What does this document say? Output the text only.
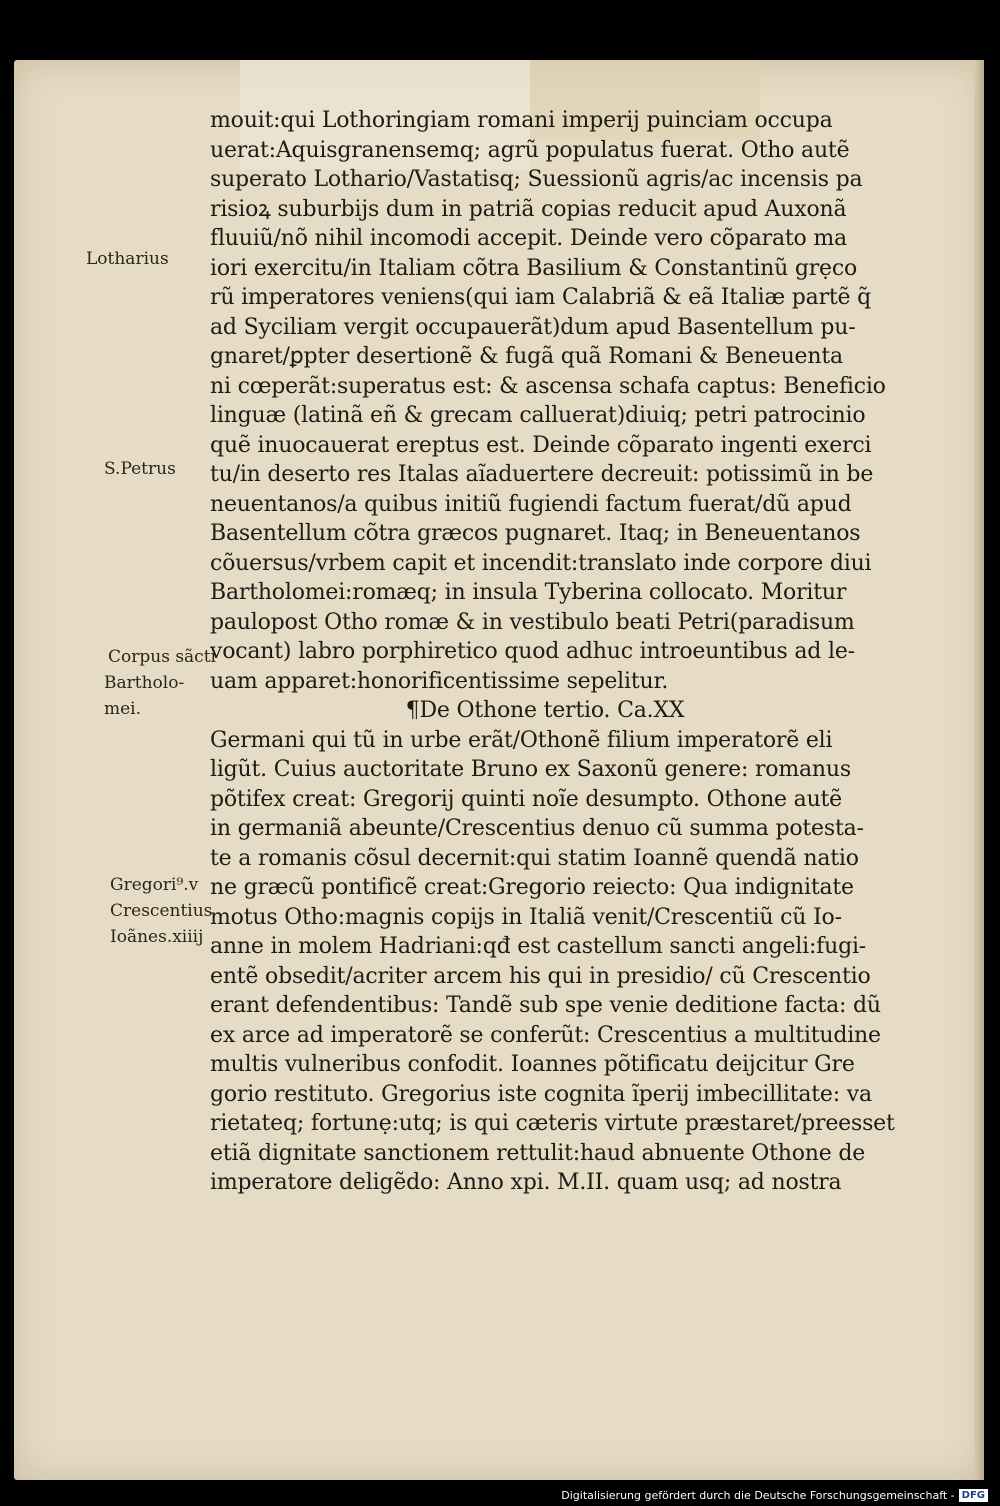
mouit:qui Lothoringiam romani imperij puinciam occupa
uerat:Aquisgranensemq; agrũ populatus fuerat. Otho autẽ
superato Lothario/Vastatisq; Suessionũ agris/ac incensis pa
risioꝝ suburbijs dum in patriã copias reducit apud Auxonã
fluuiũ/nõ nihil incomodi accepit. Deinde vero cõparato ma
iori exercitu/in Italiam cõtra Basilium & Constantinũ grẹco
rũ imperatores veniens(qui iam Calabriã & eã Italiæ partẽ q̃
ad Syciliam vergit occupauerãt)dum apud Basentellum pu-
gnaret/ꝑpter desertionẽ & fugã quã Romani & Beneuenta
ni cœperãt:superatus est: & ascensa schafa captus: Beneficio
linguæ (latinã eñ & grecam calluerat)diuiq; petri patrocinio
quẽ inuocauerat ereptus est. Deinde cõparato ingenti exerci
tu/in deserto res Italas aĩaduertere decreuit: potissimũ in be
neuentanos/a quibus initiũ fugiendi factum fuerat/dũ apud
Basentellum cõtra græcos pugnaret. Itaq; in Beneuentanos
cõuersus/vrbem capit et incendit:translato inde corpore diui
Bartholomei:romæq; in insula Tyberina collocato. Moritur
paulopost Otho romæ & in vestibulo beati Petri(paradisum
vocant) labro porphiretico quod adhuc introeuntibus ad le-
uam apparet:honorificentissime sepelitur.
¶De Othone tertio. Ca.XX
Germani qui tũ in urbe erãt/Othonẽ filium imperatorẽ eli
ligũt. Cuius auctoritate Bruno ex Saxonũ genere: romanus
põtifex creat: Gregorij quinti noĩe desumpto. Othone autẽ
in germaniã abeunte/Crescentius denuo cũ summa potesta-
te a romanis cõsul decernit:qui statim Ioannẽ quendã natio
ne græcũ pontificẽ creat:Gregorio reiecto: Qua indignitate
motus Otho:magnis copijs in Italiã venit/Crescentiũ cũ Io-
anne in molem Hadriani:qđ est castellum sancti angeli:fugi-
entẽ obsedit/acriter arcem his qui in presidio/ cũ Crescentio
erant defendentibus: Tandẽ sub spe venie deditione facta: dũ
ex arce ad imperatorẽ se conferũt: Crescentius a multitudine
multis vulneribus confodit. Ioannes põtificatu deijcitur Gre
gorio restituto. Gregorius iste cognita ĩperij imbecillitate: va
rietateq; fortunẹ:utq; is qui cæteris virtute præstaret/preesset
etiã dignitate sanctionem rettulit:haud abnuente Othone de
imperatore deligẽdo: Anno xpi. M.II. quam usq; ad nostra
Lotharius
S.Petrus
Corpus sãcti
Bartholo-
mei.
Gregori⁹.v
Crescentius
Ioãnes.xiiij
Digitalisierung gefördert durch die Deutsche Forschungsgemeinschaft - DFG
